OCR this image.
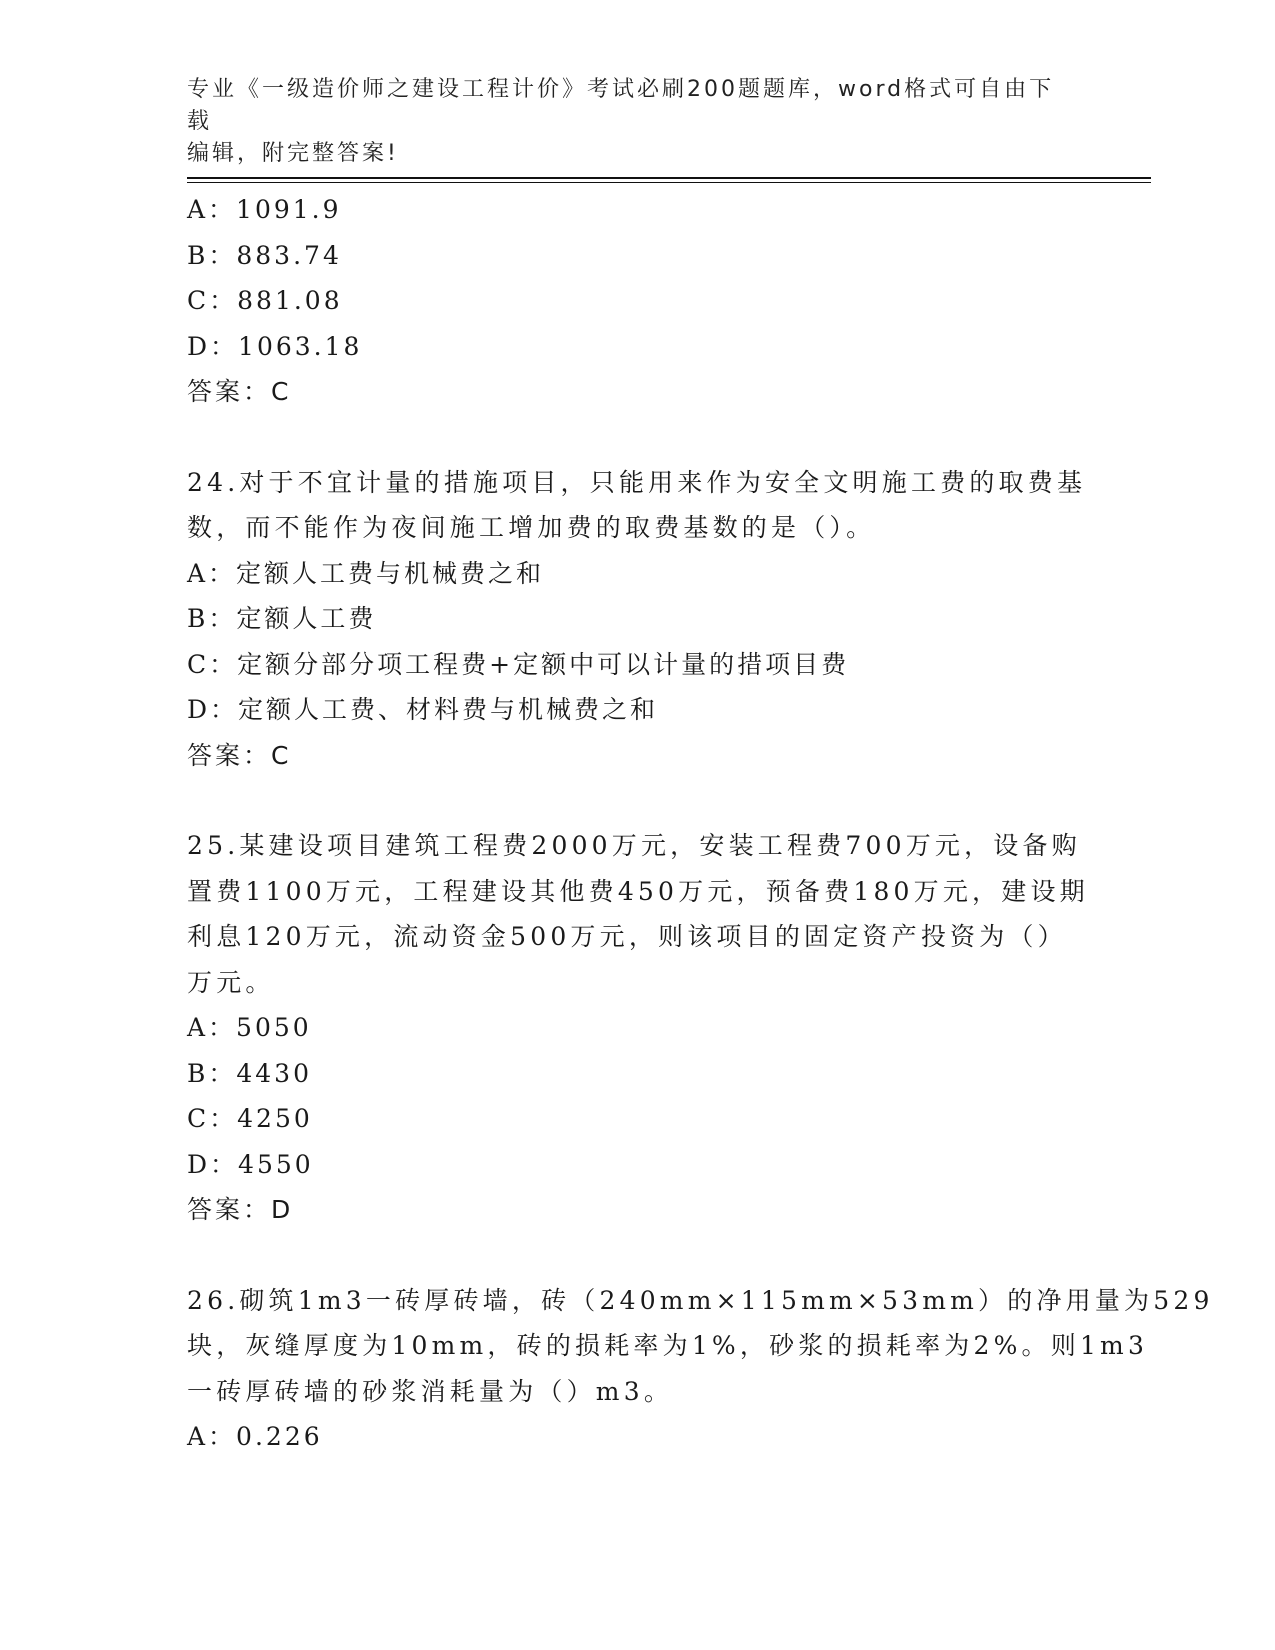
专业《一级造价师之建设工程计价》考试必刷200题题库，word格式可自由下载
编辑，附完整答案!
A：1091.9
B：883.74
C：881.08
D：1063.18
答案：C
24.对于不宜计量的措施项目，只能用来作为安全文明施工费的取费基
数，而不能作为夜间施工增加费的取费基数的是（）。
A：定额人工费与机械费之和
B：定额人工费
C：定额分部分项工程费+定额中可以计量的措项目费
D：定额人工费、材料费与机械费之和
答案：C
25.某建设项目建筑工程费2000万元，安装工程费700万元，设备购
置费1100万元，工程建设其他费450万元，预备费180万元，建设期
利息120万元，流动资金500万元，则该项目的固定资产投资为（）
万元。
A：5050
B：4430
C：4250
D：4550
答案：D
26.砌筑1m3一砖厚砖墙，砖（240mm×115mm×53mm）的净用量为529
块，灰缝厚度为10mm，砖的损耗率为1%，砂浆的损耗率为2%。则1m3
一砖厚砖墙的砂浆消耗量为（）m3。
A：0.226
